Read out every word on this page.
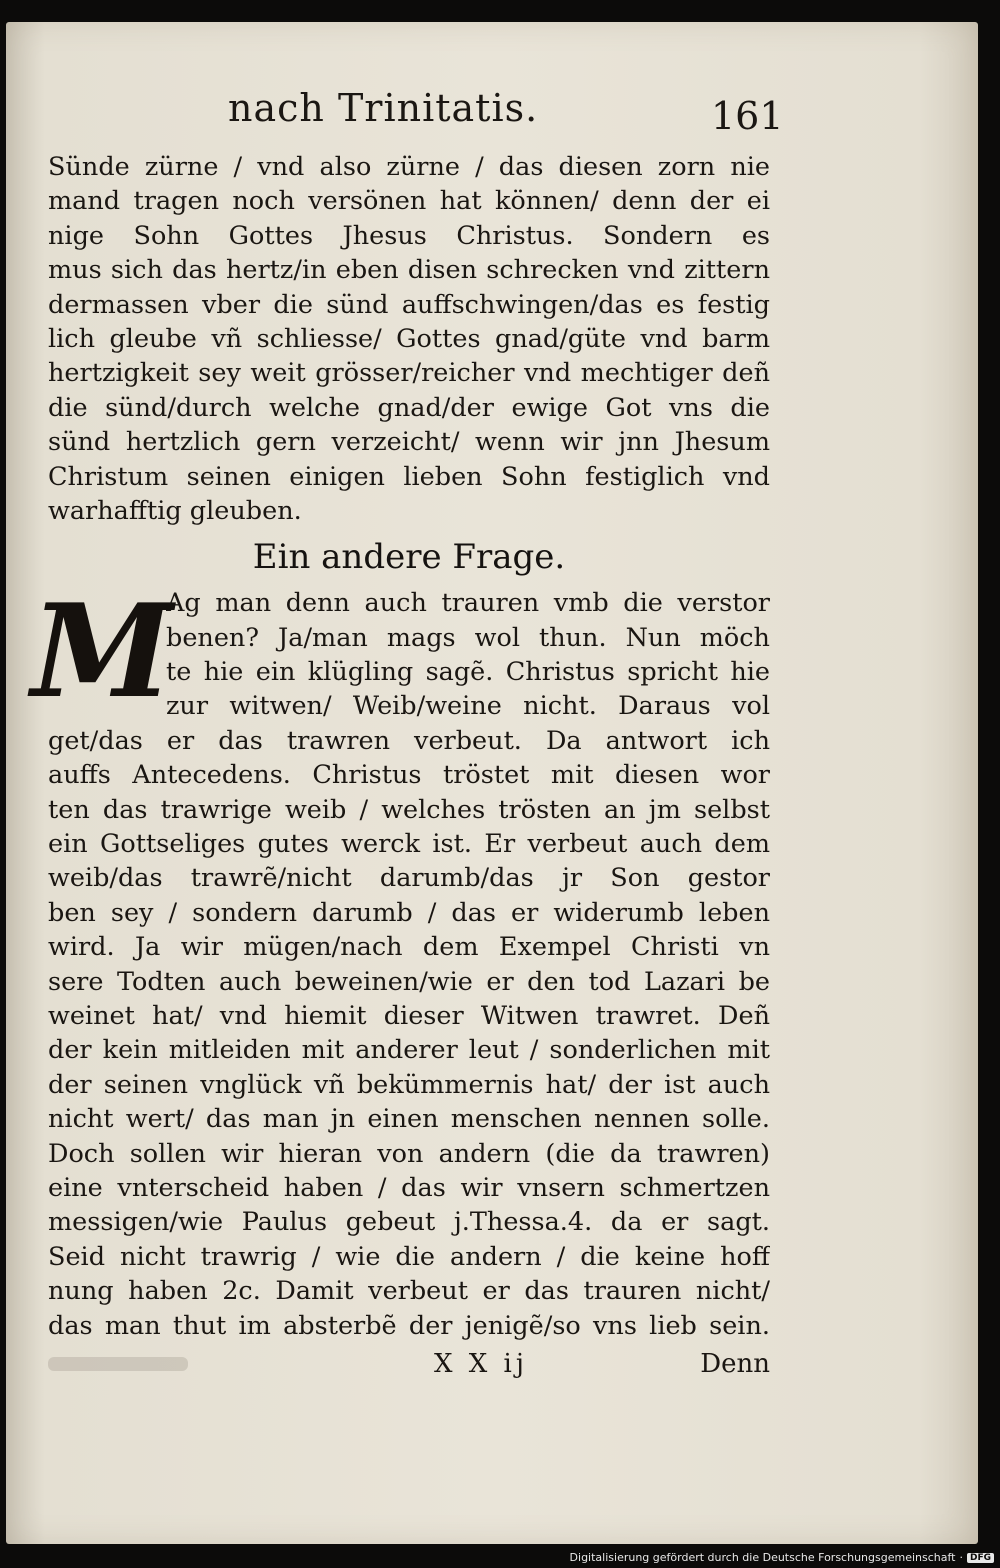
nach Trinitatis.	161
Sünde zürne / vnd also zürne / das diesen zorn nie
mand tragen noch versönen hat können/ denn der ei
nige Sohn Gottes Jhesus Christus. Sondern es
mus sich das hertz/in eben disen schrecken vnd zittern
dermassen vber die sünd auffschwingen/das es festig
lich gleube vñ schliesse/ Gottes gnad/güte vnd barm
hertzigkeit sey weit grösser/reicher vnd mechtiger deñ
die sünd/durch welche gnad/der ewige Got vns die
sünd hertzlich gern verzeicht/ wenn wir jnn Jhesum
Christum seinen einigen lieben Sohn festiglich vnd
warhafftig gleuben.
Ein andere Frage.
M
Ag man denn auch trauren vmb die verstor
benen? Ja/man mags wol thun. Nun möch
te hie ein klügling sagẽ. Christus spricht hie
zur witwen/ Weib/weine nicht. Daraus vol
get/das er das trawren verbeut. Da antwort ich
auffs Antecedens. Christus tröstet mit diesen wor
ten das trawrige weib / welches trösten an jm selbst
ein Gottseliges gutes werck ist. Er verbeut auch dem
weib/das trawrẽ/nicht darumb/das jr Son gestor
ben sey / sondern darumb / das er widerumb leben
wird. Ja wir mügen/nach dem Exempel Christi vn
sere Todten auch beweinen/wie er den tod Lazari be
weinet hat/ vnd hiemit dieser Witwen trawret. Deñ
der kein mitleiden mit anderer leut / sonderlichen mit
der seinen vnglück vñ bekümmernis hat/ der ist auch
nicht wert/ das man jn einen menschen nennen solle.
Doch sollen wir hieran von andern (die da trawren)
eine vnterscheid haben / das wir vnsern schmertzen
messigen/wie Paulus gebeut j.Thessa.4. da er sagt.
Seid nicht trawrig / wie die andern / die keine hoff
nung haben 2c. Damit verbeut er das trauren nicht/
das man thut im absterbẽ der jenigẽ/so vns lieb sein.
X X ij	Denn
Digitalisierung gefördert durch die Deutsche Forschungsgemeinschaft · DFG
